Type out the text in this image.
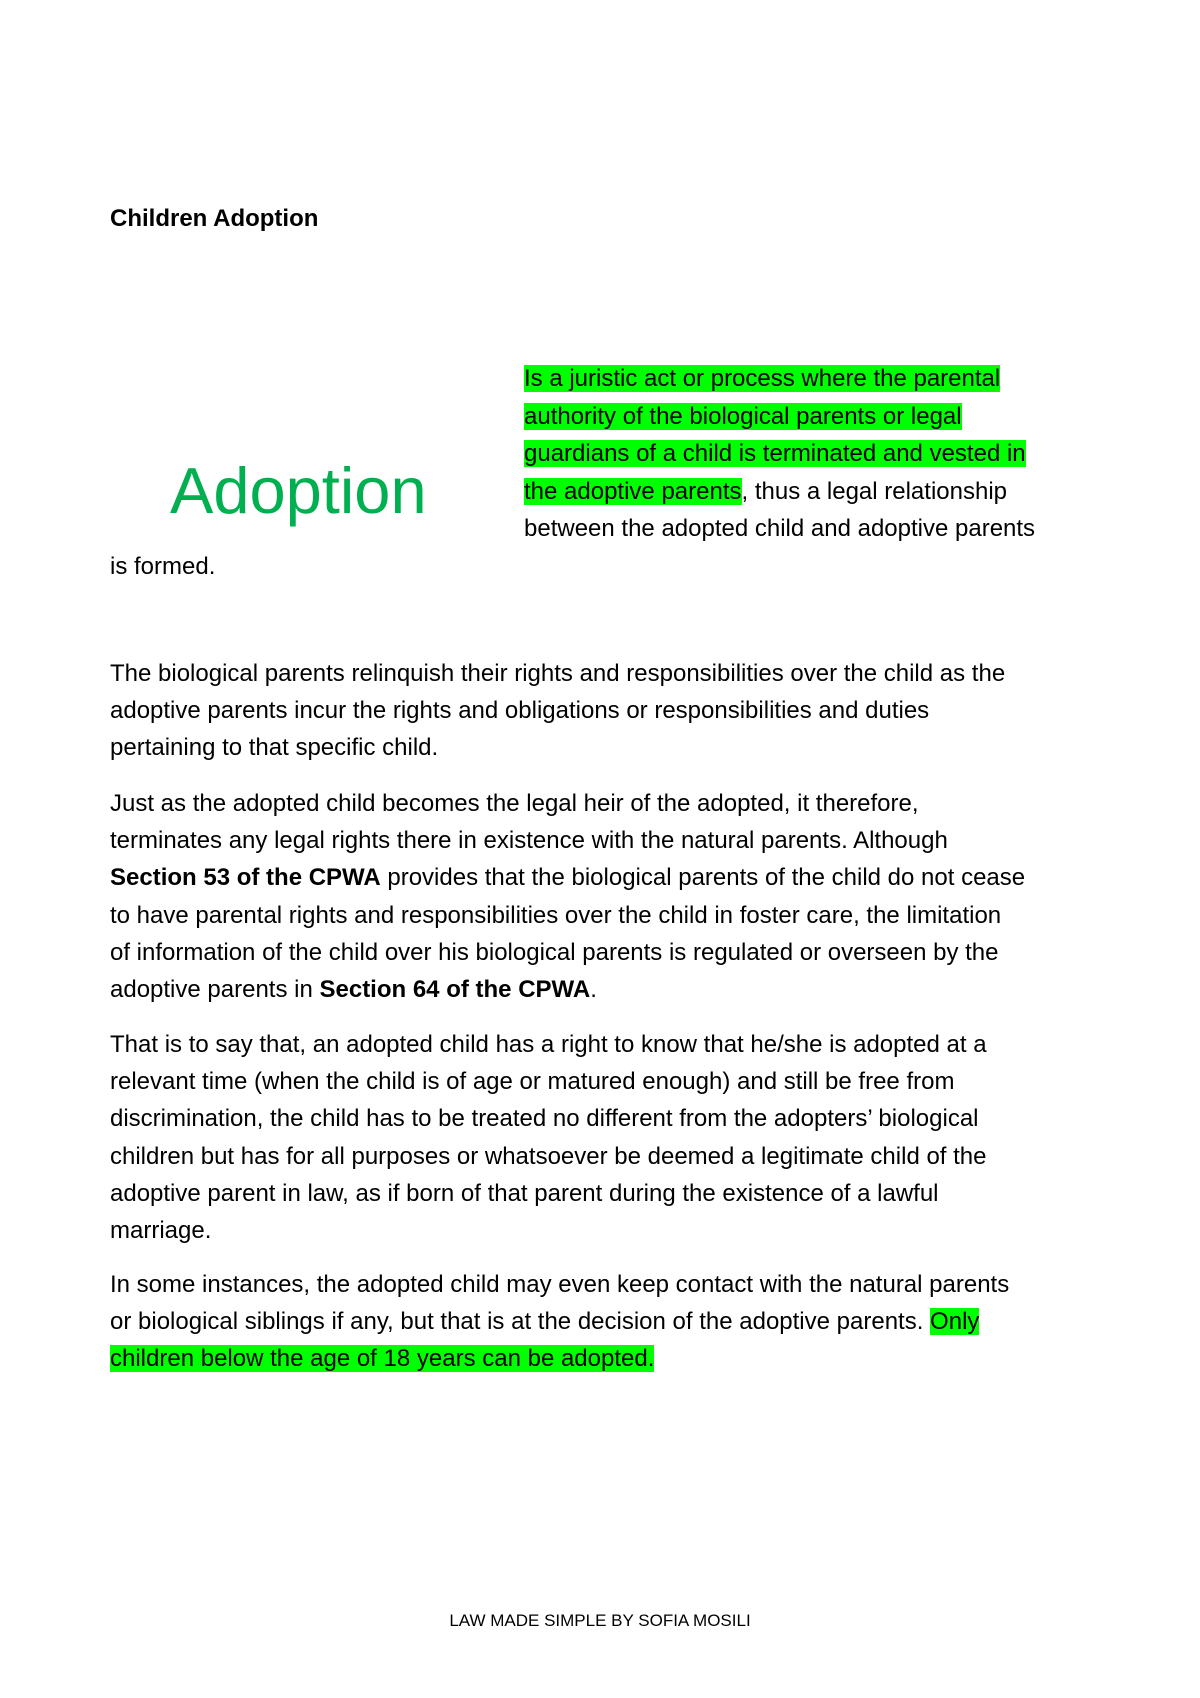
Children Adoption
Adoption
Is a juristic act or process where the parental
authority of the biological parents or legal
guardians of a child is terminated and vested in
the adoptive parents, thus a legal relationship
between the adopted child and adoptive parents
is formed.
The biological parents relinquish their rights and responsibilities over the child as the
adoptive parents incur the rights and obligations or responsibilities and duties
pertaining to that specific child.
Just as the adopted child becomes the legal heir of the adopted, it therefore,
terminates any legal rights there in existence with the natural parents. Although
Section 53 of the CPWA provides that the biological parents of the child do not cease
to have parental rights and responsibilities over the child in foster care, the limitation
of information of the child over his biological parents is regulated or overseen by the
adoptive parents in Section 64 of the CPWA.
That is to say that, an adopted child has a right to know that he/she is adopted at a
relevant time (when the child is of age or matured enough) and still be free from
discrimination, the child has to be treated no different from the adopters’ biological
children but has for all purposes or whatsoever be deemed a legitimate child of the
adoptive parent in law, as if born of that parent during the existence of a lawful
marriage.
In some instances, the adopted child may even keep contact with the natural parents
or biological siblings if any, but that is at the decision of the adoptive parents. Only
children below the age of 18 years can be adopted.
LAW MADE SIMPLE BY SOFIA MOSILI
